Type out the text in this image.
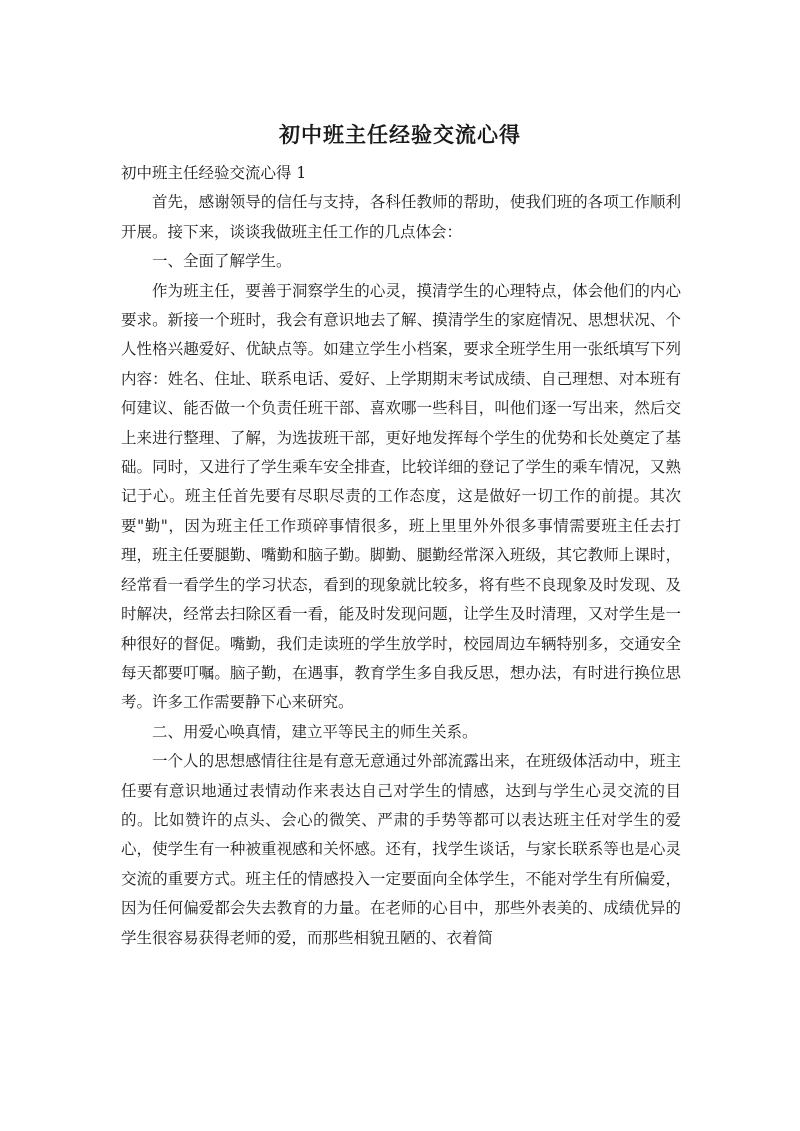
初中班主任经验交流心得

初中班主任经验交流心得 1

首先，感谢领导的信任与支持，各科任教师的帮助，使我们班的各项工作顺利开展。接下来，谈谈我做班主任工作的几点体会：

一、全面了解学生。

作为班主任，要善于洞察学生的心灵，摸清学生的心理特点，体会他们的内心要求。新接一个班时，我会有意识地去了解、摸清学生的家庭情况、思想状况、个人性格兴趣爱好、优缺点等。如建立学生小档案，要求全班学生用一张纸填写下列内容：姓名、住址、联系电话、爱好、上学期期末考试成绩、自己理想、对本班有何建议、能否做一个负责任班干部、喜欢哪一些科目，叫他们逐一写出来，然后交上来进行整理、了解，为选拔班干部，更好地发挥每个学生的优势和长处奠定了基础。同时，又进行了学生乘车安全排查，比较详细的登记了学生的乘车情况，又熟记于心。班主任首先要有尽职尽责的工作态度，这是做好一切工作的前提。其次要"勤"，因为班主任工作琐碎事情很多，班上里里外外很多事情需要班主任去打理，班主任要腿勤、嘴勤和脑子勤。脚勤、腿勤经常深入班级，其它教师上课时，经常看一看学生的学习状态，看到的现象就比较多，将有些不良现象及时发现、及时解决，经常去扫除区看一看，能及时发现问题，让学生及时清理，又对学生是一种很好的督促。嘴勤，我们走读班的学生放学时，校园周边车辆特别多，交通安全每天都要叮嘱。脑子勤，在遇事，教育学生多自我反思，想办法，有时进行换位思考。许多工作需要静下心来研究。

二、用爱心唤真情，建立平等民主的师生关系。

一个人的思想感情往往是有意无意通过外部流露出来，在班级体活动中，班主任要有意识地通过表情动作来表达自己对学生的情感，达到与学生心灵交流的目的。比如赞许的点头、会心的微笑、严肃的手势等都可以表达班主任对学生的爱心，使学生有一种被重视感和关怀感。还有，找学生谈话，与家长联系等也是心灵交流的重要方式。班主任的情感投入一定要面向全体学生，不能对学生有所偏爱，因为任何偏爱都会失去教育的力量。在老师的心目中，那些外表美的、成绩优异的学生很容易获得老师的爱，而那些相貌丑陋的、衣着简
